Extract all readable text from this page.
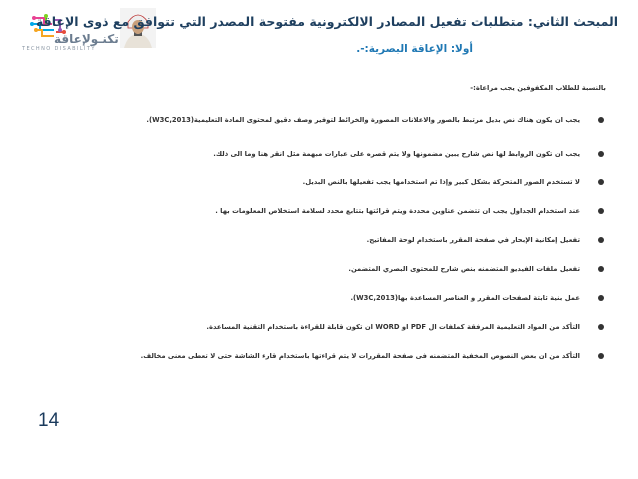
تكنـولإعاقة
TECHNO DISABILITY
المبحث الثاني: متطلبات تفعيل المصادر الالكترونية مفتوحة المصدر التي تتوافق مع ذوى الإعاقة
أولا: الإعاقة البصرية:-.

بالنسبة للطلاب المكفوفين يجب مراعاة:-

يجب ان يكون هناك نص بديل مرتبط بالصور والاعلانات المصورة والخرائط لتوفير وصف دقيق لمحتوى المادة التعليمية(W3C,2013).
يجب ان تكون الروابط لها نص شارح يبين مضمونها ولا يتم قصره على عبارات مبهمة مثل انقر هنا وما الى ذلك.
لا تستخدم الصور المتحركة بشكل كبير وإذا تم استخدامها يجب تفعيلها بالنص البديل.
عند استخدام الجداول يجب ان تتضمن عناوين محددة ويتم قرائتها بتتابع محدد لسلامة استخلاص المعلومات بها .
تفعيل إمكانية الإبحار في صفحة المقرر باستخدام لوحة المفاتيح.
تفعيل ملفات الفيديو المتضمنه بنص شارح للمحتوى البصري المتضمن.
عمل بنية ثابتة لصفحات المقرر و العناصر المساعدة بها(W3C,2013).
التأكد من المواد التعليمية المرفقة كملفات ال PDF او WORD ان تكون قابلة للقراءة باستخدام التقنية المساعدة.
التأكد من ان بعض النصوص المخفية المتضمنه فى صفحة المقررات لا يتم قراءتها باستخدام قارء الشاشة حتى لا تعطى معنى مخالف.
14
